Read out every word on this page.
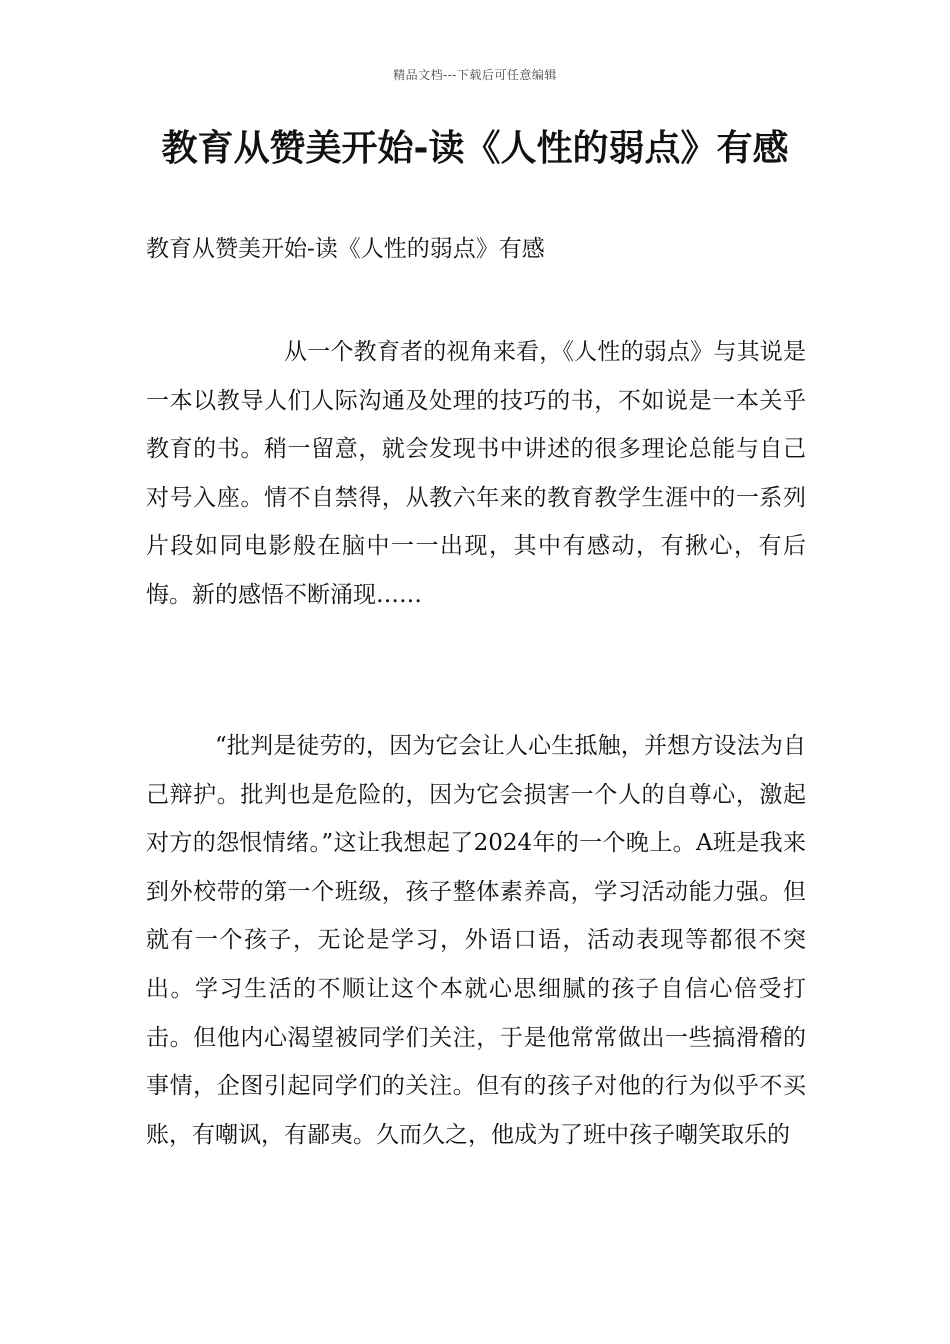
精品文档---下载后可任意编辑
教育从赞美开始-读《人性的弱点》有感

教育从赞美开始-读《人性的弱点》有感

从一个教育者的视角来看，《人性的弱点》与其说是一本以教导人们人际沟通及处理的技巧的书，不如说是一本关乎教育的书。稍一留意，就会发现书中讲述的很多理论总能与自己对号入座。情不自禁得，从教六年来的教育教学生涯中的一系列片段如同电影般在脑中一一出现，其中有感动，有揪心，有后悔。新的感悟不断涌现……

“批判是徒劳的，因为它会让人心生抵触，并想方设法为自己辩护。批判也是危险的，因为它会损害一个人的自尊心，激起对方的怨恨情绪。”这让我想起了2024年的一个晚上。A班是我来到外校带的第一个班级，孩子整体素养高，学习活动能力强。但就有一个孩子，无论是学习，外语口语，活动表现等都很不突出。学习生活的不顺让这个本就心思细腻的孩子自信心倍受打击。但他内心渴望被同学们关注，于是他常常做出一些搞滑稽的事情，企图引起同学们的关注。但有的孩子对他的行为似乎不买账，有嘲讽，有鄙夷。久而久之，他成为了班中孩子嘲笑取乐的
